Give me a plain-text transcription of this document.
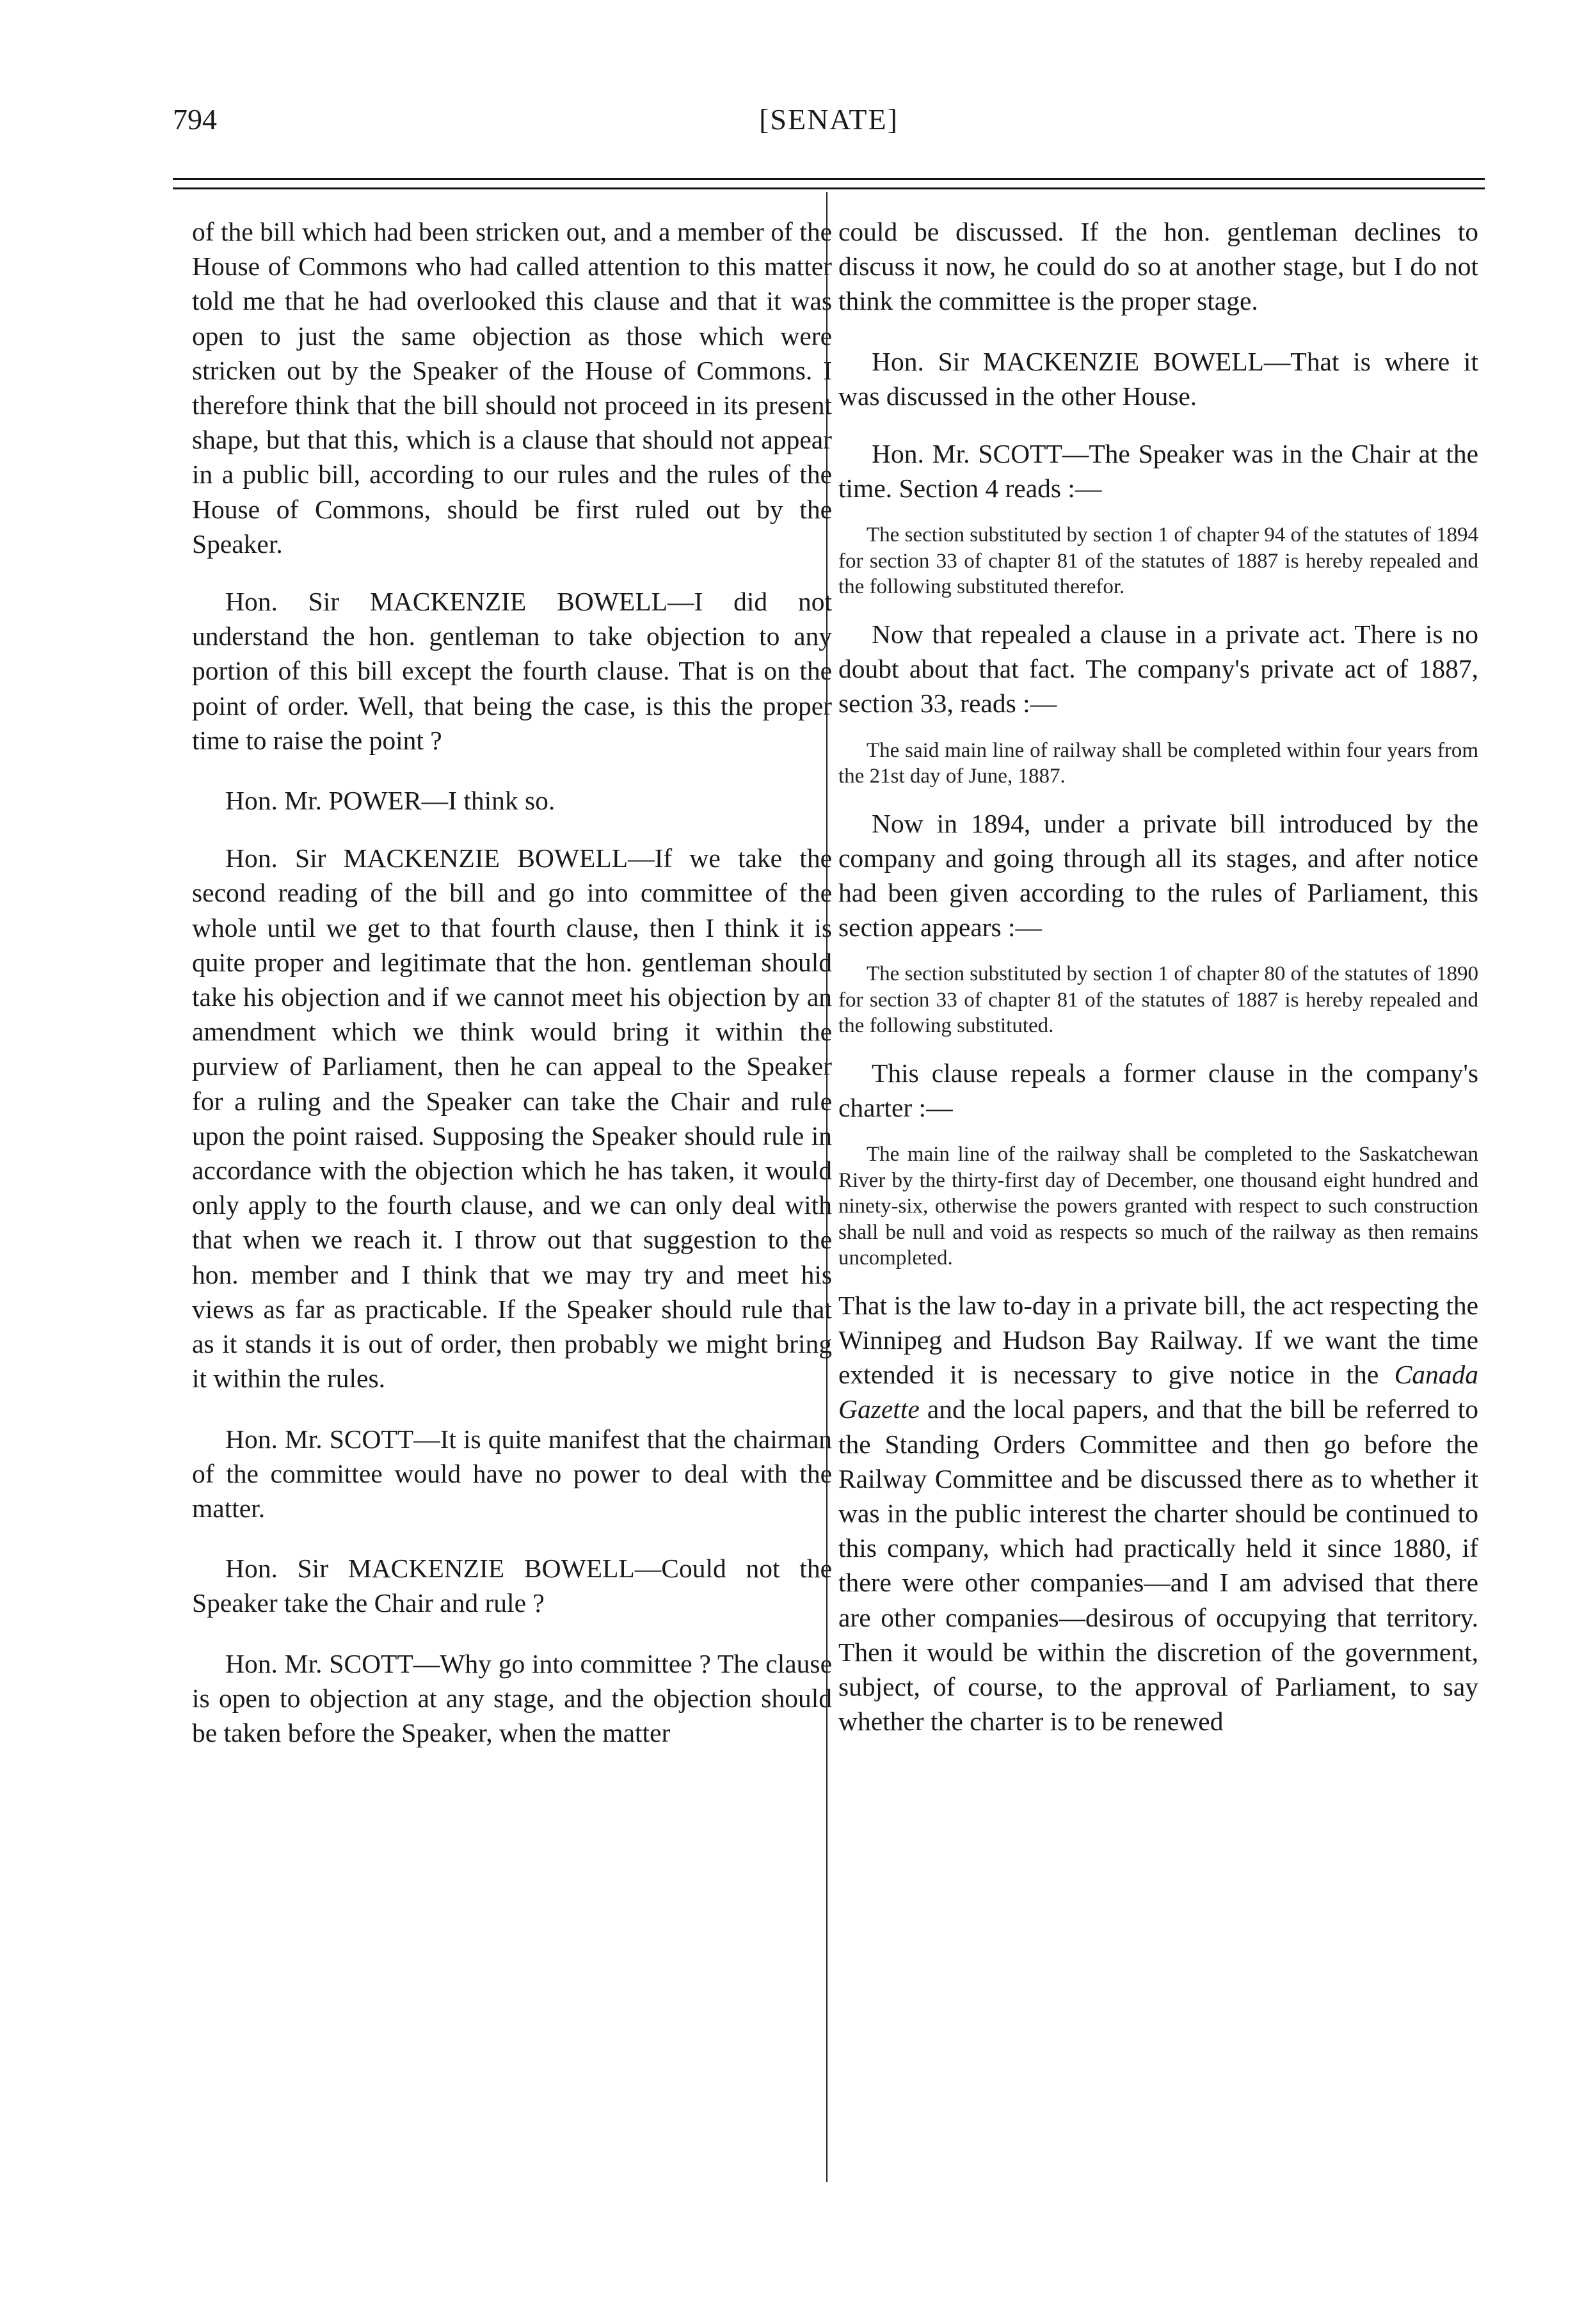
794	[SENATE]

of the bill which had been stricken out, and a member of the House of Commons who had called attention to this matter told me that he had overlooked this clause and that it was open to just the same objection as those which were stricken out by the Speaker of the House of Commons. I therefore think that the bill should not proceed in its present shape, but that this, which is a clause that should not appear in a public bill, according to our rules and the rules of the House of Commons, should be first ruled out by the Speaker.

Hon. Sir MACKENZIE BOWELL—I did not understand the hon. gentleman to take objection to any portion of this bill except the fourth clause. That is on the point of order. Well, that being the case, is this the proper time to raise the point ?

Hon. Mr. POWER—I think so.

Hon. Sir MACKENZIE BOWELL—If we take the second reading of the bill and go into committee of the whole until we get to that fourth clause, then I think it is quite proper and legitimate that the hon. gentleman should take his objection and if we cannot meet his objection by an amendment which we think would bring it within the purview of Parliament, then he can appeal to the Speaker for a ruling and the Speaker can take the Chair and rule upon the point raised. Supposing the Speaker should rule in accordance with the objection which he has taken, it would only apply to the fourth clause, and we can only deal with that when we reach it. I throw out that suggestion to the hon. member and I think that we may try and meet his views as far as practicable. If the Speaker should rule that as it stands it is out of order, then probably we might bring it within the rules.

Hon. Mr. SCOTT—It is quite manifest that the chairman of the committee would have no power to deal with the matter.

Hon. Sir MACKENZIE BOWELL—Could not the Speaker take the Chair and rule ?

Hon. Mr. SCOTT—Why go into committee ? The clause is open to objection at any stage, and the objection should be taken before the Speaker, when the matter

could be discussed. If the hon. gentleman declines to discuss it now, he could do so at another stage, but I do not think the committee is the proper stage.

Hon. Sir MACKENZIE BOWELL—That is where it was discussed in the other House.

Hon. Mr. SCOTT—The Speaker was in the Chair at the time. Section 4 reads :—

The section substituted by section 1 of chapter 94 of the statutes of 1894 for section 33 of chapter 81 of the statutes of 1887 is hereby repealed and the following substituted therefor.

Now that repealed a clause in a private act. There is no doubt about that fact. The company's private act of 1887, section 33, reads :—

The said main line of railway shall be completed within four years from the 21st day of June, 1887.

Now in 1894, under a private bill introduced by the company and going through all its stages, and after notice had been given according to the rules of Parliament, this section appears :—

The section substituted by section 1 of chapter 80 of the statutes of 1890 for section 33 of chapter 81 of the statutes of 1887 is hereby repealed and the following substituted.

This clause repeals a former clause in the company's charter :—

The main line of the railway shall be completed to the Saskatchewan River by the thirty-first day of December, one thousand eight hundred and ninety-six, otherwise the powers granted with respect to such construction shall be null and void as respects so much of the railway as then remains uncompleted.

That is the law to-day in a private bill, the act respecting the Winnipeg and Hudson Bay Railway. If we want the time extended it is necessary to give notice in the Canada Gazette and the local papers, and that the bill be referred to the Standing Orders Committee and then go before the Railway Committee and be discussed there as to whether it was in the public interest the charter should be continued to this company, which had practically held it since 1880, if there were other companies—and I am advised that there are other companies—desirous of occupying that territory. Then it would be within the discretion of the government, subject, of course, to the approval of Parliament, to say whether the charter is to be renewed
